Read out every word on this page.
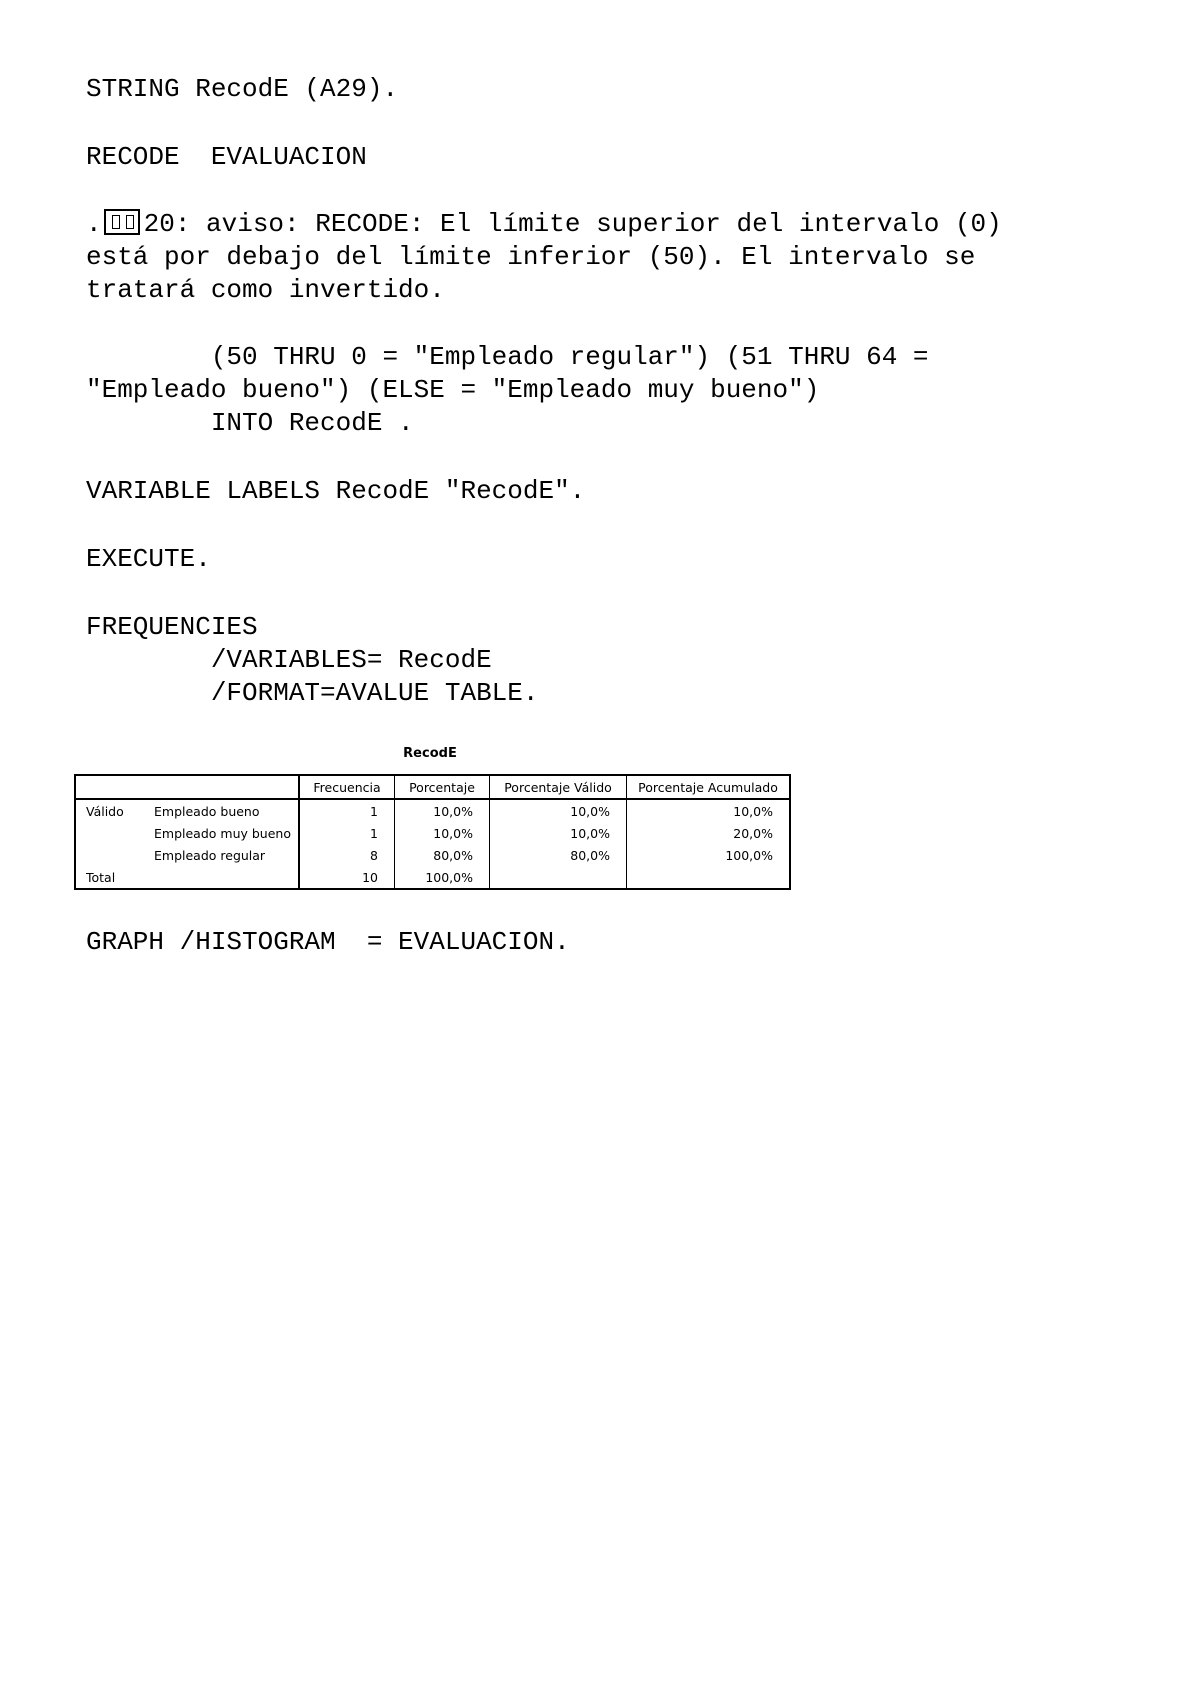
STRING RecodE (A29).

RECODE  EVALUACION

. 20: aviso: RECODE: El límite superior del intervalo (0)

está por debajo del límite inferior (50). El intervalo se

tratará como invertido.

(50 THRU 0 = "Empleado regular") (51 THRU 64 =

"Empleado bueno") (ELSE = "Empleado muy bueno")

INTO RecodE .

VARIABLE LABELS RecodE "RecodE".

EXECUTE.

FREQUENCIES

/VARIABLES= RecodE

/FORMAT=AVALUE TABLE.

RecodE

		Frecuencia	Porcentaje	Porcentaje Válido	Porcentaje Acumulado
Válido	Empleado bueno	1	10,0%	10,0%	10,0%
	Empleado muy bueno	1	10,0%	10,0%	20,0%
	Empleado regular	8	80,0%	80,0%	100,0%
Total		10	100,0%		

GRAPH /HISTOGRAM  = EVALUACION.
